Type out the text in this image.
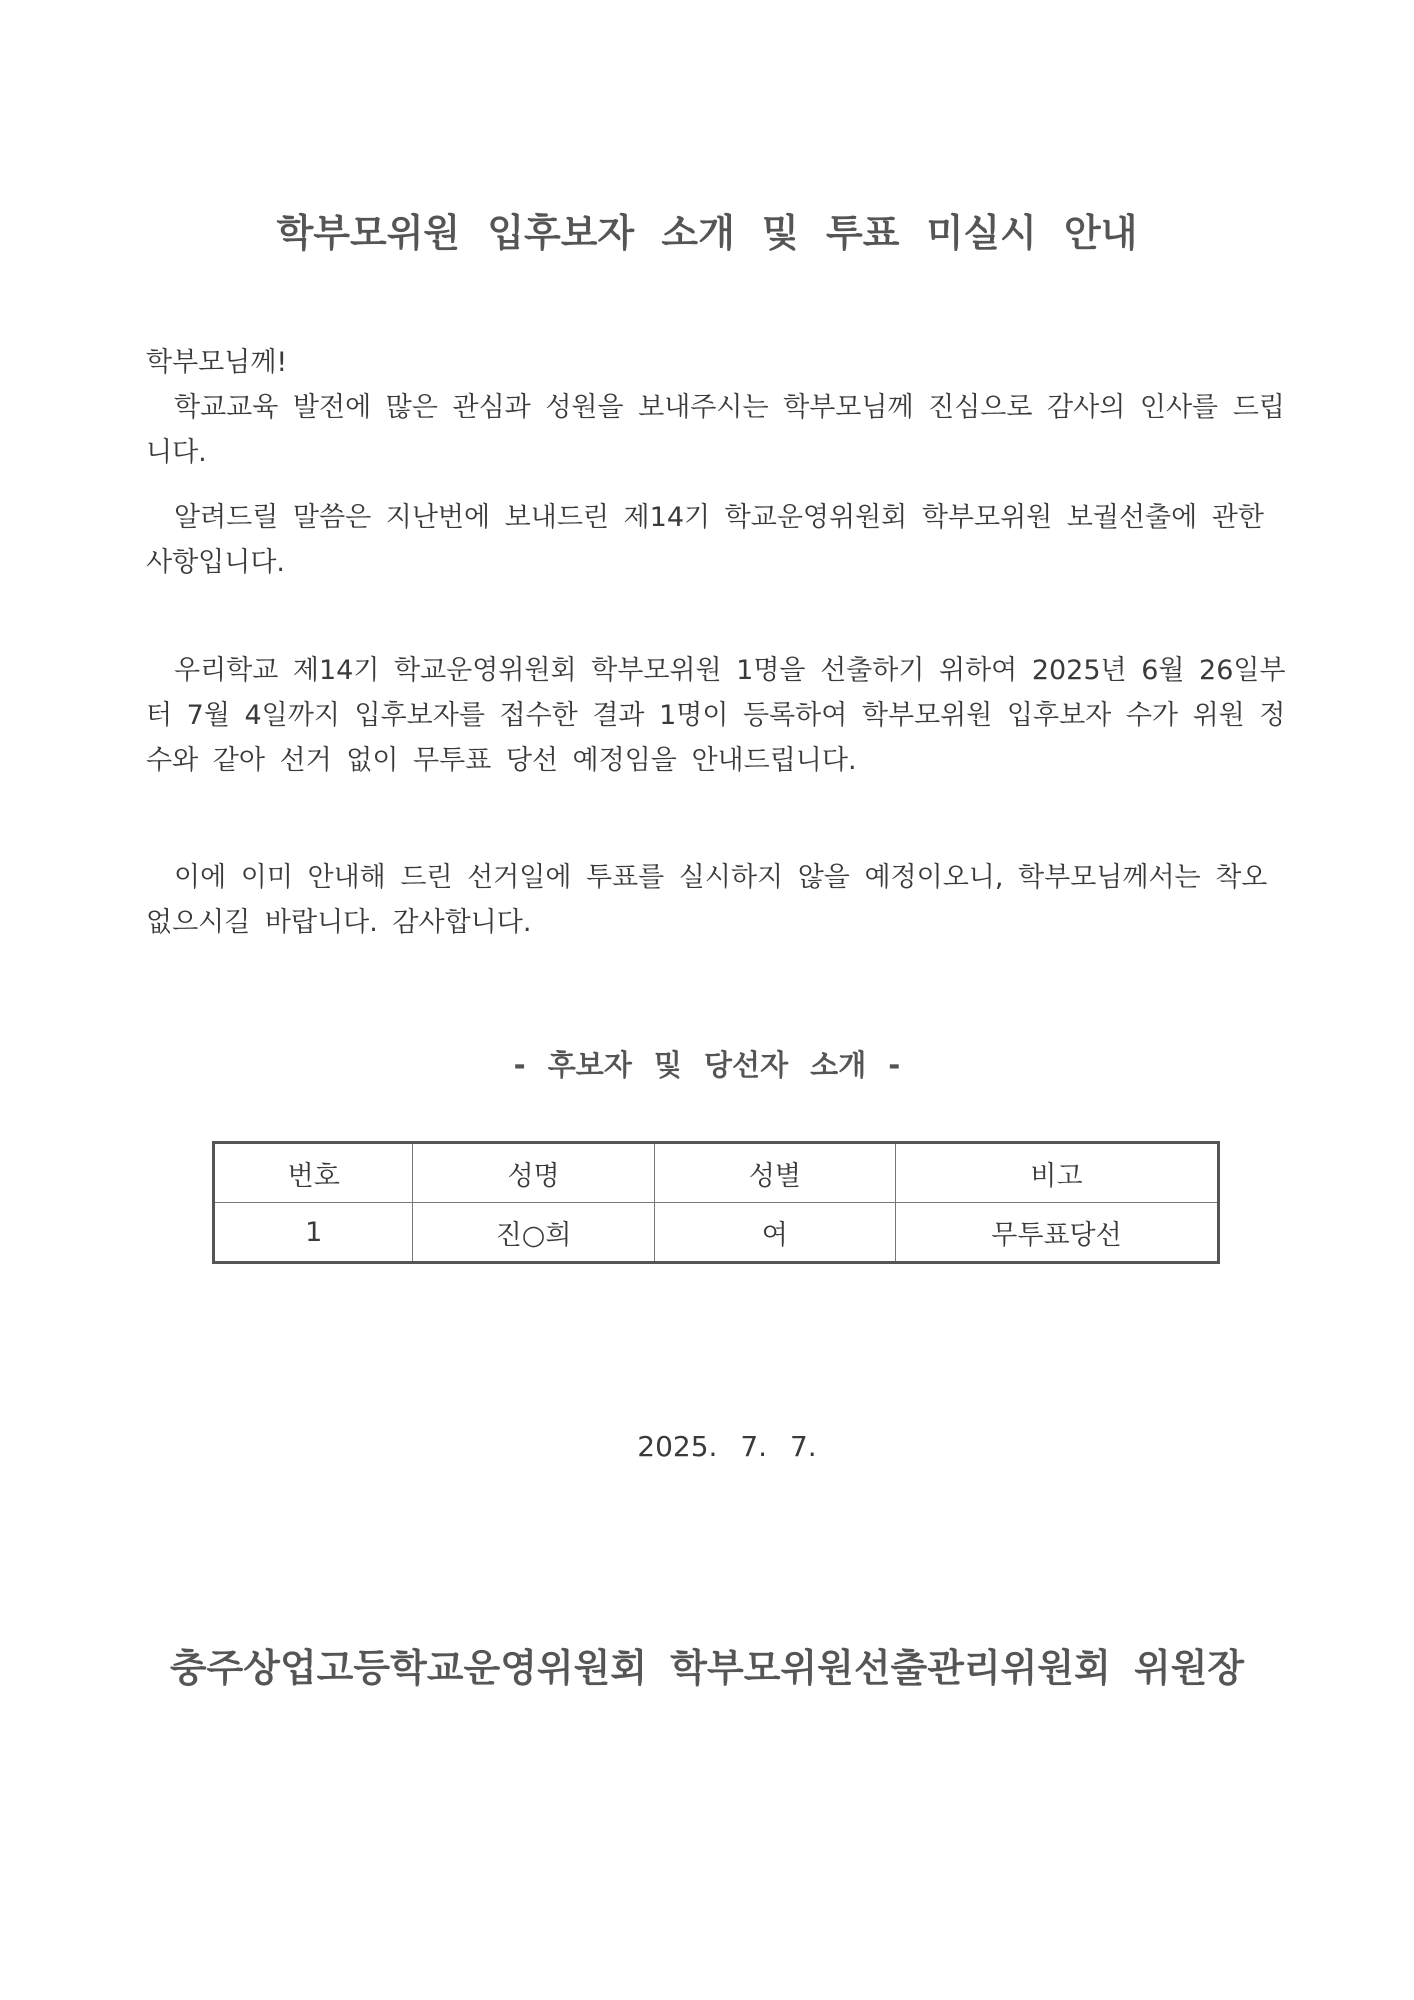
학부모위원 입후보자 소개 및 투표 미실시 안내

학부모님께!

학교교육 발전에 많은 관심과 성원을 보내주시는 학부모님께 진심으로 감사의 인사를 드립니다.

알려드릴 말씀은 지난번에 보내드린 제14기 학교운영위원회 학부모위원 보궐선출에 관한 사항입니다.

우리학교 제14기 학교운영위원회 학부모위원 1명을 선출하기 위하여 2025년 6월 26일부터 7월 4일까지 입후보자를 접수한 결과 1명이 등록하여 학부모위원 입후보자 수가 위원 정수와 같아 선거 없이 무투표 당선 예정임을 안내드립니다.

이에 이미 안내해 드린 선거일에 투표를 실시하지 않을 예정이오니, 학부모님께서는 착오 없으시길 바랍니다. 감사합니다.

- 후보자 및 당선자 소개 -
번호	성명	성별	비고
1	진○희	여	무투표당선
2025. 7. 7.
충주상업고등학교운영위원회 학부모위원선출관리위원회 위원장
